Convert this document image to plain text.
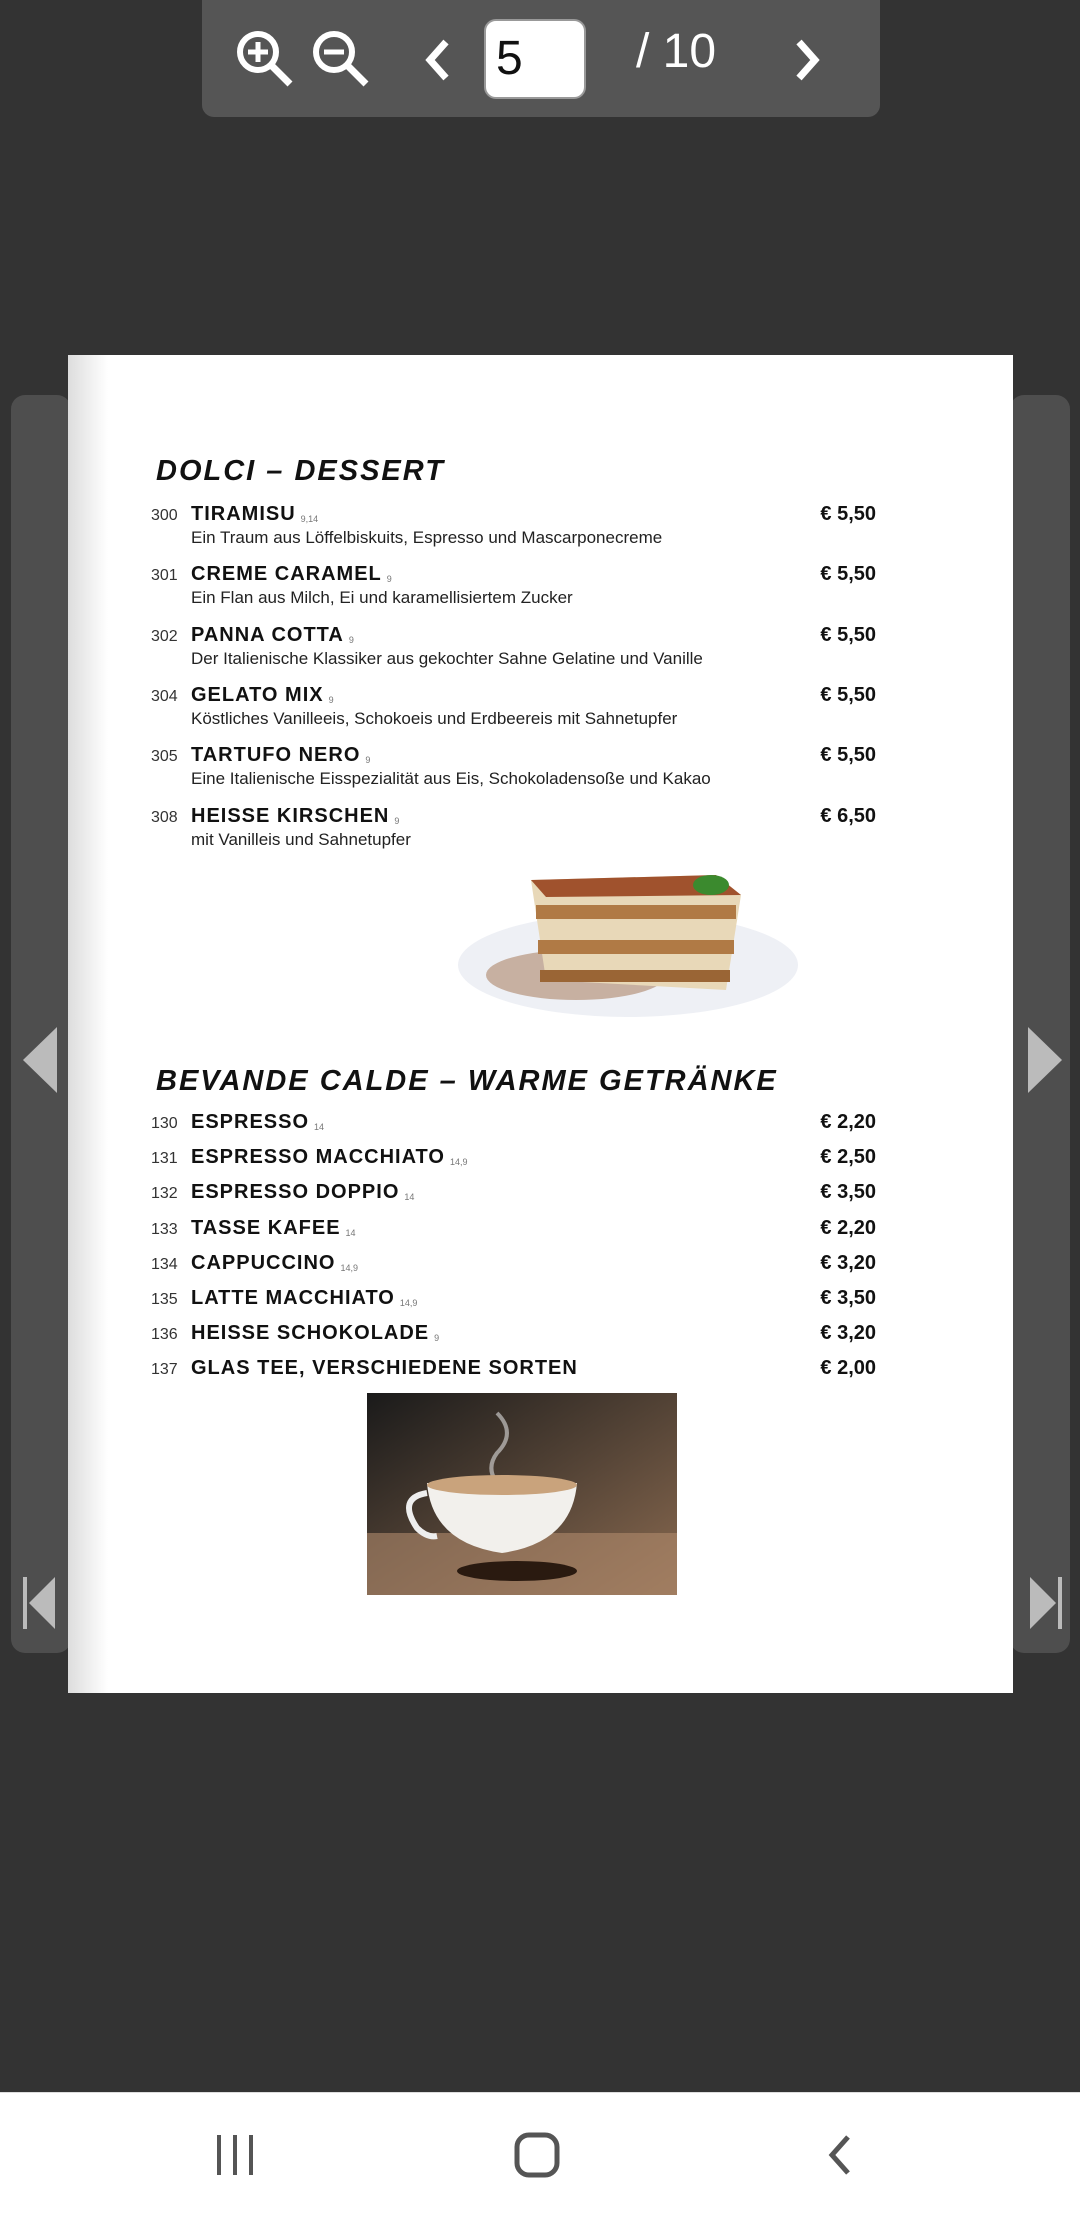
5	/ 10
DOLCI – DESSERT
300 TIRAMISU $^{9,14}$	€ 5,50
Ein Traum aus Löffelbiskuits, Espresso und Mascarponecreme
301 CREME CARAMEL $^9$	€ 5,50
Ein Flan aus Milch, Ei und karamellisiertem Zucker
302 PANNA COTTA $^9$	€ 5,50
Der Italienische Klassiker aus gekochter Sahne Gelatine und Vanille
304 GELATO MIX $^9$	€ 5,50
Köstliches Vanilleeis, Schokoeis und Erdbeereis mit Sahnetupfer
305 TARTUFO NERO $^9$	€ 5,50
Eine Italienische Eisspezialität aus Eis, Schokoladensoße und Kakao
308 HEISSE KIRSCHEN $^9$	€ 6,50
mit Vanilleis und Sahnetupfer
BEVANDE CALDE – WARME GETRÄNKE
130 ESPRESSO $^{14}$	€ 2,20
131 ESPRESSO MACCHIATO $^{14,9}$	€ 2,50
132 ESPRESSO DOPPIO $^{14}$	€ 3,50
133 TASSE KAFEE $^{14}$	€ 2,20
134 CAPPUCCINO $^{14,9}$	€ 3,20
135 LATTE MACCHIATO $^{14,9}$	€ 3,50
136 HEISSE SCHOKOLADE $^9$	€ 3,20
137 GLAS TEE, VERSCHIEDENE SORTEN	€ 2,00
